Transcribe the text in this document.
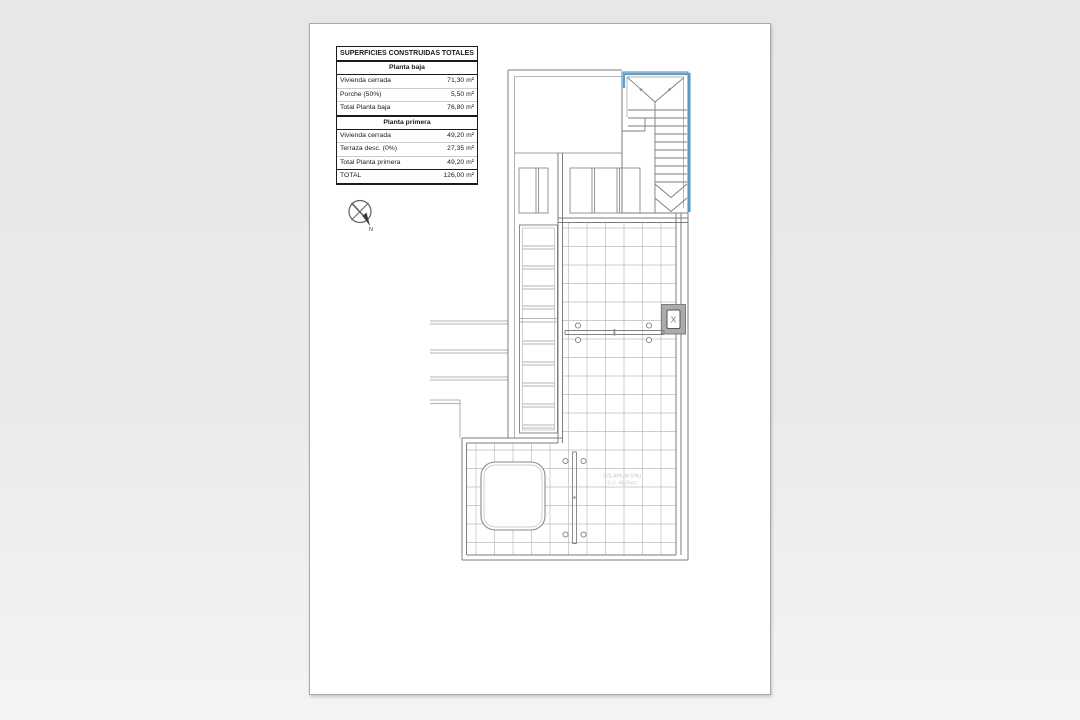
SUPERFICIES CONSTRUIDAS TOTALES
Planta baja
Vivienda cerrada	71,30 m²
Porche (50%)	5,50 m²
Total Planta baja	76,80 m²
Planta primera
Vivienda cerrada	49,20 m²
Terraza desc. (0%)	27,35 m²
Total Planta primera	49,20 m²
TOTAL	126,00 m²
X
SOLARIUM (0%)
S.U. 46,55m²
N
